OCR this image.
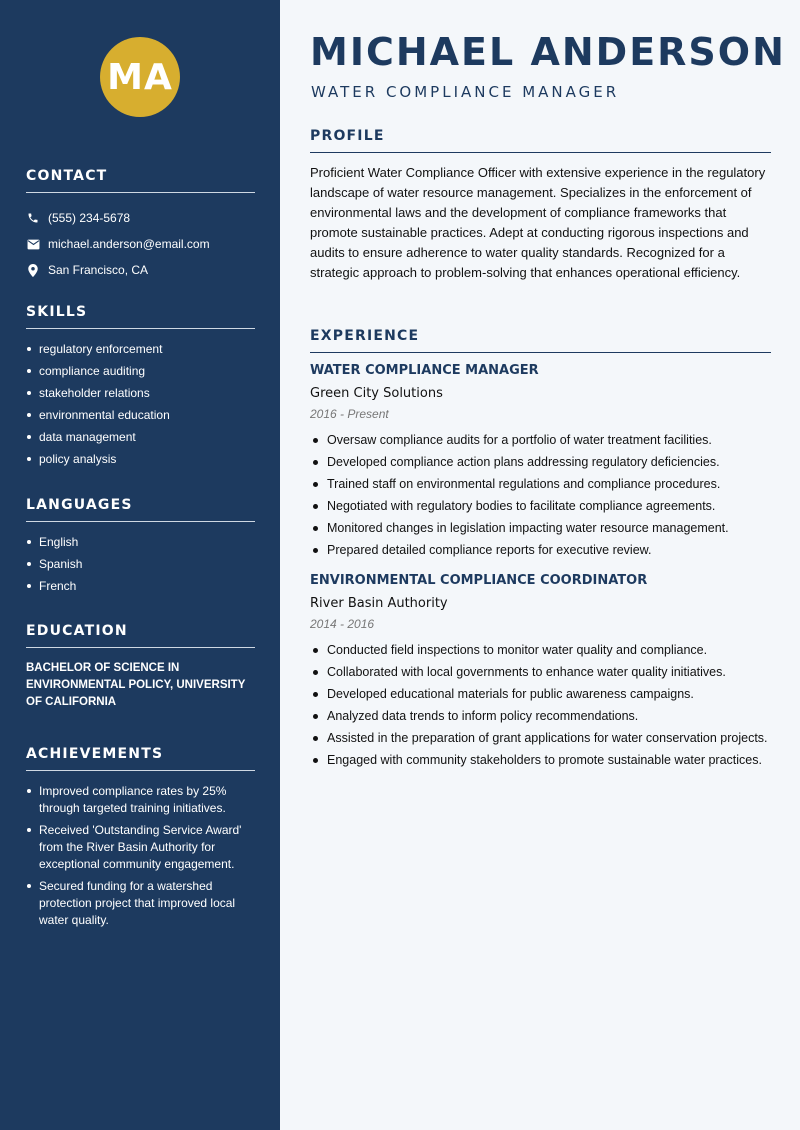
MA
CONTACT
(555) 234-5678
michael.anderson@email.com
San Francisco, CA
SKILLS
regulatory enforcement
compliance auditing
stakeholder relations
environmental education
data management
policy analysis
LANGUAGES
English
Spanish
French
EDUCATION
BACHELOR OF SCIENCE IN ENVIRONMENTAL POLICY, UNIVERSITY OF CALIFORNIA
ACHIEVEMENTS
Improved compliance rates by 25% through targeted training initiatives.
Received 'Outstanding Service Award' from the River Basin Authority for exceptional community engagement.
Secured funding for a watershed protection project that improved local water quality.
MICHAEL ANDERSON
WATER COMPLIANCE MANAGER
PROFILE

Proficient Water Compliance Officer with extensive experience in the regulatory landscape of water resource management. Specializes in the enforcement of environmental laws and the development of compliance frameworks that promote sustainable practices. Adept at conducting rigorous inspections and audits to ensure adherence to water quality standards. Recognized for a strategic approach to problem-solving that enhances operational efficiency.

EXPERIENCE
WATER COMPLIANCE MANAGER
Green City Solutions
2016 - Present
Oversaw compliance audits for a portfolio of water treatment facilities.
Developed compliance action plans addressing regulatory deficiencies.
Trained staff on environmental regulations and compliance procedures.
Negotiated with regulatory bodies to facilitate compliance agreements.
Monitored changes in legislation impacting water resource management.
Prepared detailed compliance reports for executive review.
ENVIRONMENTAL COMPLIANCE COORDINATOR
River Basin Authority
2014 - 2016
Conducted field inspections to monitor water quality and compliance.
Collaborated with local governments to enhance water quality initiatives.
Developed educational materials for public awareness campaigns.
Analyzed data trends to inform policy recommendations.
Assisted in the preparation of grant applications for water conservation projects.
Engaged with community stakeholders to promote sustainable water practices.
